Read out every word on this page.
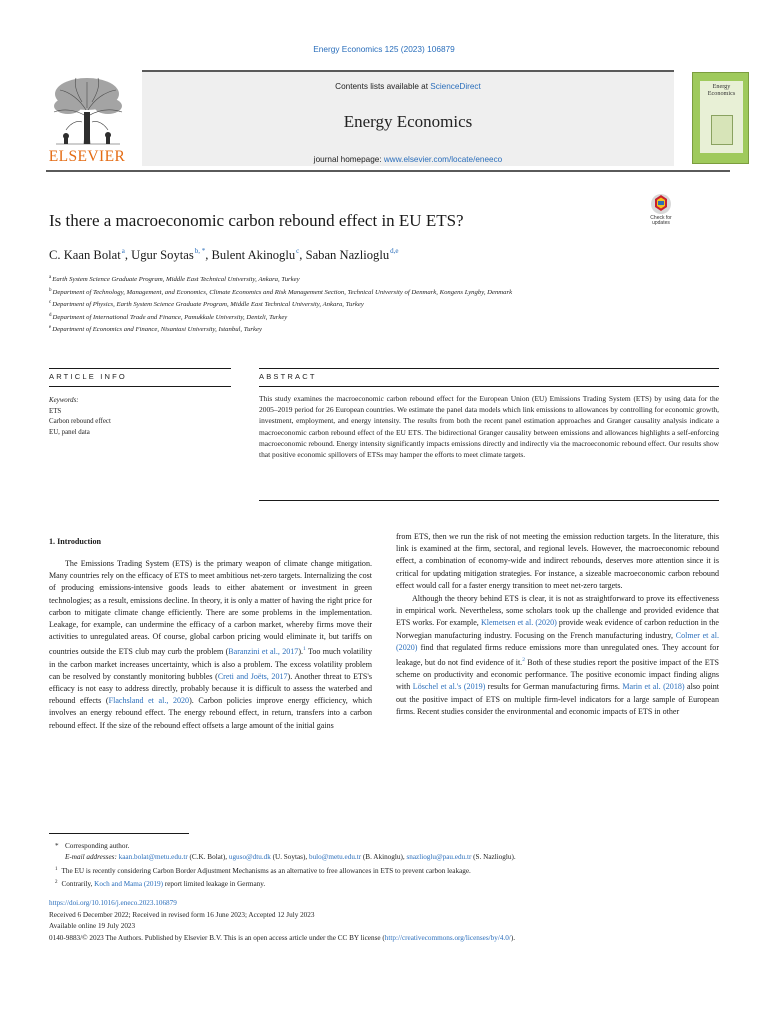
Energy Economics 125 (2023) 106879
ELSEVIER
Contents lists available at ScienceDirect
Energy Economics
journal homepage: www.elsevier.com/locate/eneeco
Energy
Economics
Is there a macroeconomic carbon rebound effect in EU ETS?	Check for
updates
C. Kaan Bolat$^a$, Ugur Soytas$^{b, *}$, Bulent Akinoglu$^c$, Saban Nazlioglu$^{d,e}$
$^a$Earth System Science Graduate Program, Middle East Technical University, Ankara, Turkey
$^b$Department of Technology, Management, and Economics, Climate Economics and Risk Management Section, Technical University of Denmark, Kongens Lyngby, Denmark
$^c$Department of Physics, Earth System Science Graduate Program, Middle East Technical University, Ankara, Turkey
$^d$Department of International Trade and Finance, Pamukkale University, Denizli, Turkey
$^e$Department of Economics and Finance, Nisantasi University, Istanbul, Turkey
ARTICLE INFO	ABSTRACT
Keywords:
ETS
Carbon rebound effect
EU, panel data
This study examines the macroeconomic carbon rebound effect for the European Union (EU) Emissions Trading System (ETS) by using data for the 2005–2019 period for 26 European countries. We estimate the panel data models which link emissions to allowances by controlling for economic growth, investment, employment, and energy intensity. The results from both the recent panel estimation approaches and Granger causality analysis indicate a macroeconomic carbon rebound effect of the EU ETS. The bidirectional Granger causality between emissions and allowances highlights a self-enforcing macroeconomic rebound. Energy intensity significantly impacts emissions directly and indirectly via the macroeconomic rebound effect. Our results show that positive economic spillovers of ETSs may hamper the efforts to meet climate targets.
1. Introduction
The Emissions Trading System (ETS) is the primary weapon of climate change mitigation. Many countries rely on the efficacy of ETS to meet ambitious net-zero targets. Internalizing the cost of producing emissions-intensive goods leads to either abatement or investment in green technologies; as a result, emissions decline. In theory, it is only a matter of having the right price for carbon to mitigate climate change efficiently. There are some problems in the implementation. Leakage, for example, can undermine the efficacy of a carbon market, whereby firms move their activities to unregulated areas. Of course, global carbon pricing would eliminate it, but tariffs on countries outside the ETS club may curb the problem (Baranzini et al., 2017).$^1$ Too much volatility in the carbon market increases uncertainty, which is also a problem. The excess volatility problem can be resolved by constantly monitoring bubbles (Creti and Joëts, 2017). Another threat to ETS's efficacy is not easy to address directly, probably because it is difficult to assess the waterbed and rebound effects (Flachsland et al., 2020). Carbon policies improve energy efficiency, which involves an energy rebound effect. The energy rebound effect, in return, transfers into a carbon rebound effect. If the size of the rebound effect offsets a large amount of the initial gains
from ETS, then we run the risk of not meeting the emission reduction targets. In the literature, this link is examined at the firm, sectoral, and regional levels. However, the macroeconomic rebound effect, a combination of economy-wide and indirect rebounds, deserves more attention since it is critical for updating mitigation strategies. For instance, a sizeable macroeconomic carbon rebound effect would call for a faster energy transition to meet net-zero targets.
Although the theory behind ETS is clear, it is not as straightforward to prove its effectiveness in empirical work. Nevertheless, some scholars took up the challenge and provided evidence that ETS works. For example, Klemetsen et al. (2020) provide weak evidence of carbon reduction in the Norwegian manufacturing industry. Focusing on the French manufacturing industry, Colmer et al. (2020) find that regulated firms reduce emissions more than unregulated ones. They account for leakage, but do not find evidence of it.$^2$ Both of these studies report the positive impact of the ETS scheme on productivity and economic performance. The positive economic impact finding aligns with Löschel et al.'s (2019) results for German manufacturing firms. Marin et al. (2018) also point out the positive impact of ETS on multiple firm-level indicators for a large sample of European firms. Recent studies consider the environmental and economic impacts of ETS in other
* Corresponding author.
E-mail addresses: kaan.bolat@metu.edu.tr (C.K. Bolat), uguso@dtu.dk (U. Soytas), bulo@metu.edu.tr (B. Akinoglu), snazlioglu@pau.edu.tr (S. Nazlioglu).
$^1$ The EU is recently considering Carbon Border Adjustment Mechanisms as an alternative to free allowances in ETS to prevent carbon leakage.
$^2$ Contrarily, Koch and Mama (2019) report limited leakage in Germany.
https://doi.org/10.1016/j.eneco.2023.106879
Received 6 December 2022; Received in revised form 16 June 2023; Accepted 12 July 2023
Available online 19 July 2023
0140-9883/© 2023 The Authors. Published by Elsevier B.V. This is an open access article under the CC BY license (http://creativecommons.org/licenses/by/4.0/).
